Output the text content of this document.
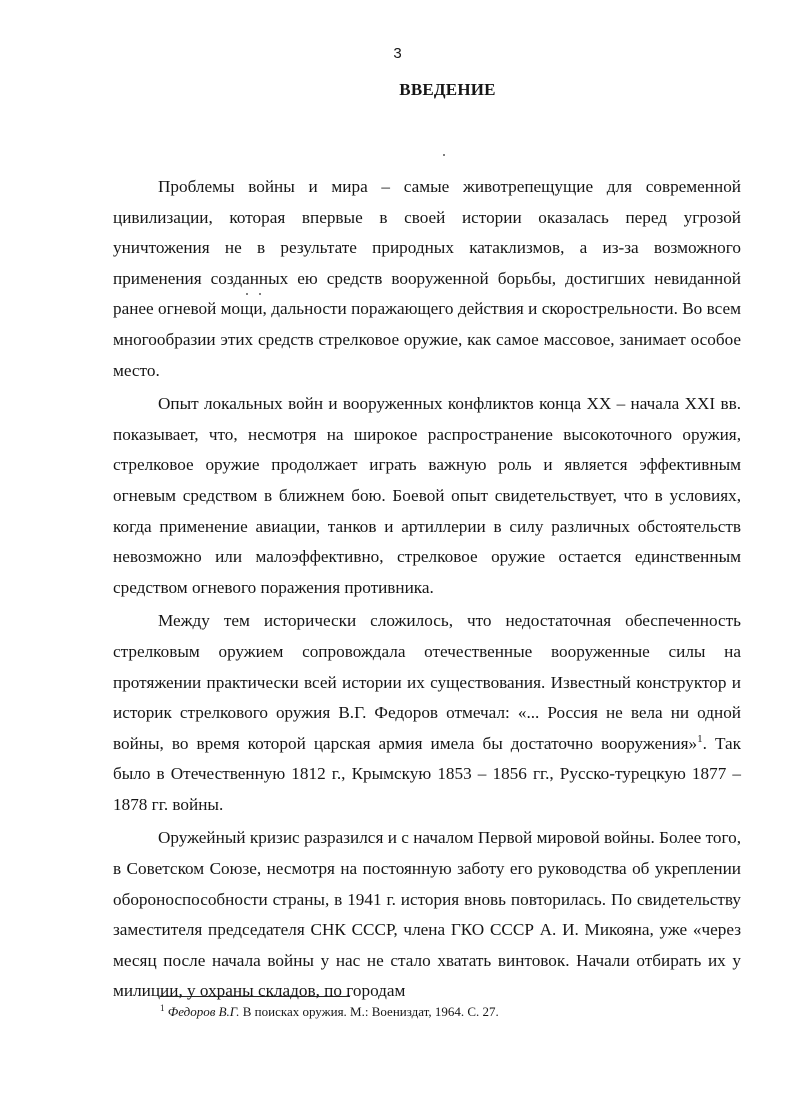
3
ВВЕДЕНИЕ

Проблемы войны и мира – самые животрепещущие для современной цивилизации, которая впервые в своей истории оказалась перед угрозой уничтожения не в результате природных катаклизмов, а из-за возможного применения созданных ею средств вооруженной борьбы, достигших невиданной ранее огневой мощи, дальности поражающего действия и скорострельности. Во всем многообразии этих средств стрелковое оружие, как самое массовое, занимает особое место.

Опыт локальных войн и вооруженных конфликтов конца XX – начала XXI вв. показывает, что, несмотря на широкое распространение высокоточного оружия, стрелковое оружие продолжает играть важную роль и является эффективным огневым средством в ближнем бою. Боевой опыт свидетельствует, что в условиях, когда применение авиации, танков и артиллерии в силу различных обстоятельств невозможно или малоэффективно, стрелковое оружие остается единственным средством огневого поражения противника.

Между тем исторически сложилось, что недостаточная обеспеченность стрелковым оружием сопровождала отечественные вооруженные силы на протяжении практически всей истории их существования. Известный конструктор и историк стрелкового оружия В.Г. Федоров отмечал: «... Россия не вела ни одной войны, во время которой царская армия имела бы достаточно вооружения»$^1$. Так было в Отечественную 1812 г., Крымскую 1853 – 1856 гг., Русско-турецкую 1877 – 1878 гг. войны.

Оружейный кризис разразился и с началом Первой мировой войны. Более того, в Советском Союзе, несмотря на постоянную заботу его руководства об укреплении обороноспособности страны, в 1941 г. история вновь повторилась. По свидетельству заместителя председателя СНК СССР, члена ГКО СССР А. И. Микояна, уже «через месяц после начала войны у нас не стало хватать винтовок. Начали отбирать их у милиции, у охраны складов, по городам

$^1$ Федоров В.Г. В поисках оружия. М.: Воениздат, 1964. С. 27.
